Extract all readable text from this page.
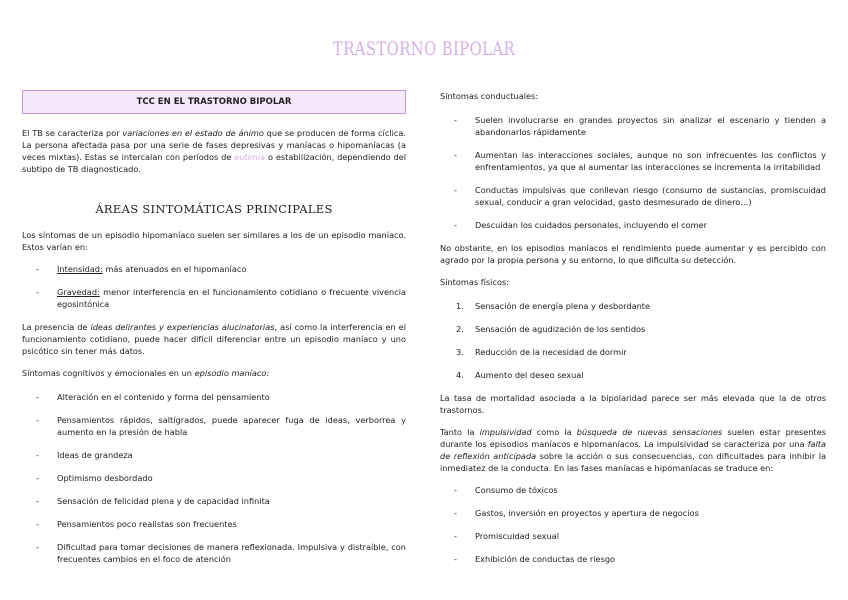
TRASTORNO BIPOLAR
TCC EN EL TRASTORNO BIPOLAR

El TB se caracteriza por variaciones en el estado de ánimo que se producen de forma cíclica. La persona afectada pasa por una serie de fases depresivas y maníacas o hipomaníacas (a veces mixtas). Estas se intercalan con períodos de eutimia o estabilización, dependiendo del subtipo de TB diagnosticado.

ÁREAS SINTOMÁTICAS PRINCIPALES

Los síntomas de un episodio hipomaníaco suelen ser similares a los de un episodio maníaco. Estos varían en:

- Intensidad: más atenuados en el hipomaníaco
- Gravedad: menor interferencia en el funcionamiento cotidiano o frecuente vivencia egosintónica

La presencia de ideas delirantes y experiencias alucinatorias, así como la interferencia en el funcionamiento cotidiano, puede hacer difícil diferenciar entre un episodio maníaco y uno psicótico sin tener más datos.

Síntomas cognitivos y emocionales en un episodio maníaco:

- Alteración en el contenido y forma del pensamiento
- Pensamientos rápidos, saltígrados, puede aparecer fuga de ideas, verborrea y aumento en la presión de habla
- Ideas de grandeza
- Optimismo desbordado
- Sensación de felicidad plena y de capacidad infinita
- Pensamientos poco realistas son frecuentes
- Dificultad para tomar decisiones de manera reflexionada. Impulsiva y distraíble, con frecuentes cambios en el foco de atención

Síntomas conductuales:

- Suelen involucrarse en grandes proyectos sin analizar el escenario y tienden a abandonarlos rápidamente
- Aumentan las interacciones sociales, aunque no son infrecuentes los conflictos y enfrentamientos, ya que al aumentar las interacciones se incrementa la irritabilidad
- Conductas impulsivas que conllevan riesgo (consumo de sustancias, promiscuidad sexual, conducir a gran velocidad, gasto desmesurado de dinero…)
- Descuidan los cuidados personales, incluyendo el comer

No obstante, en los episodios maníacos el rendimiento puede aumentar y es percibido con agrado por la propia persona y su entorno, lo que dificulta su detección.

Síntomas físicos:

1. Sensación de energía plena y desbordante
2. Sensación de agudización de los sentidos
3. Reducción de la necesidad de dormir
4. Aumento del deseo sexual

La tasa de mortalidad asociada a la bipolaridad parece ser más elevada que la de otros trastornos.

Tanto la impulsividad como la búsqueda de nuevas sensaciones suelen estar presentes durante los episodios maníacos e hipomaníacos. La impulsividad se caracteriza por una falta de reflexión anticipada sobre la acción o sus consecuencias, con dificultades para inhibir la inmediatez de la conducta. En las fases maníacas e hipomaníacas se traduce en:

- Consumo de tóxicos
- Gastos, inversión en proyectos y apertura de negocios
- Promiscuidad sexual
- Exhibición de conductas de riesgo
